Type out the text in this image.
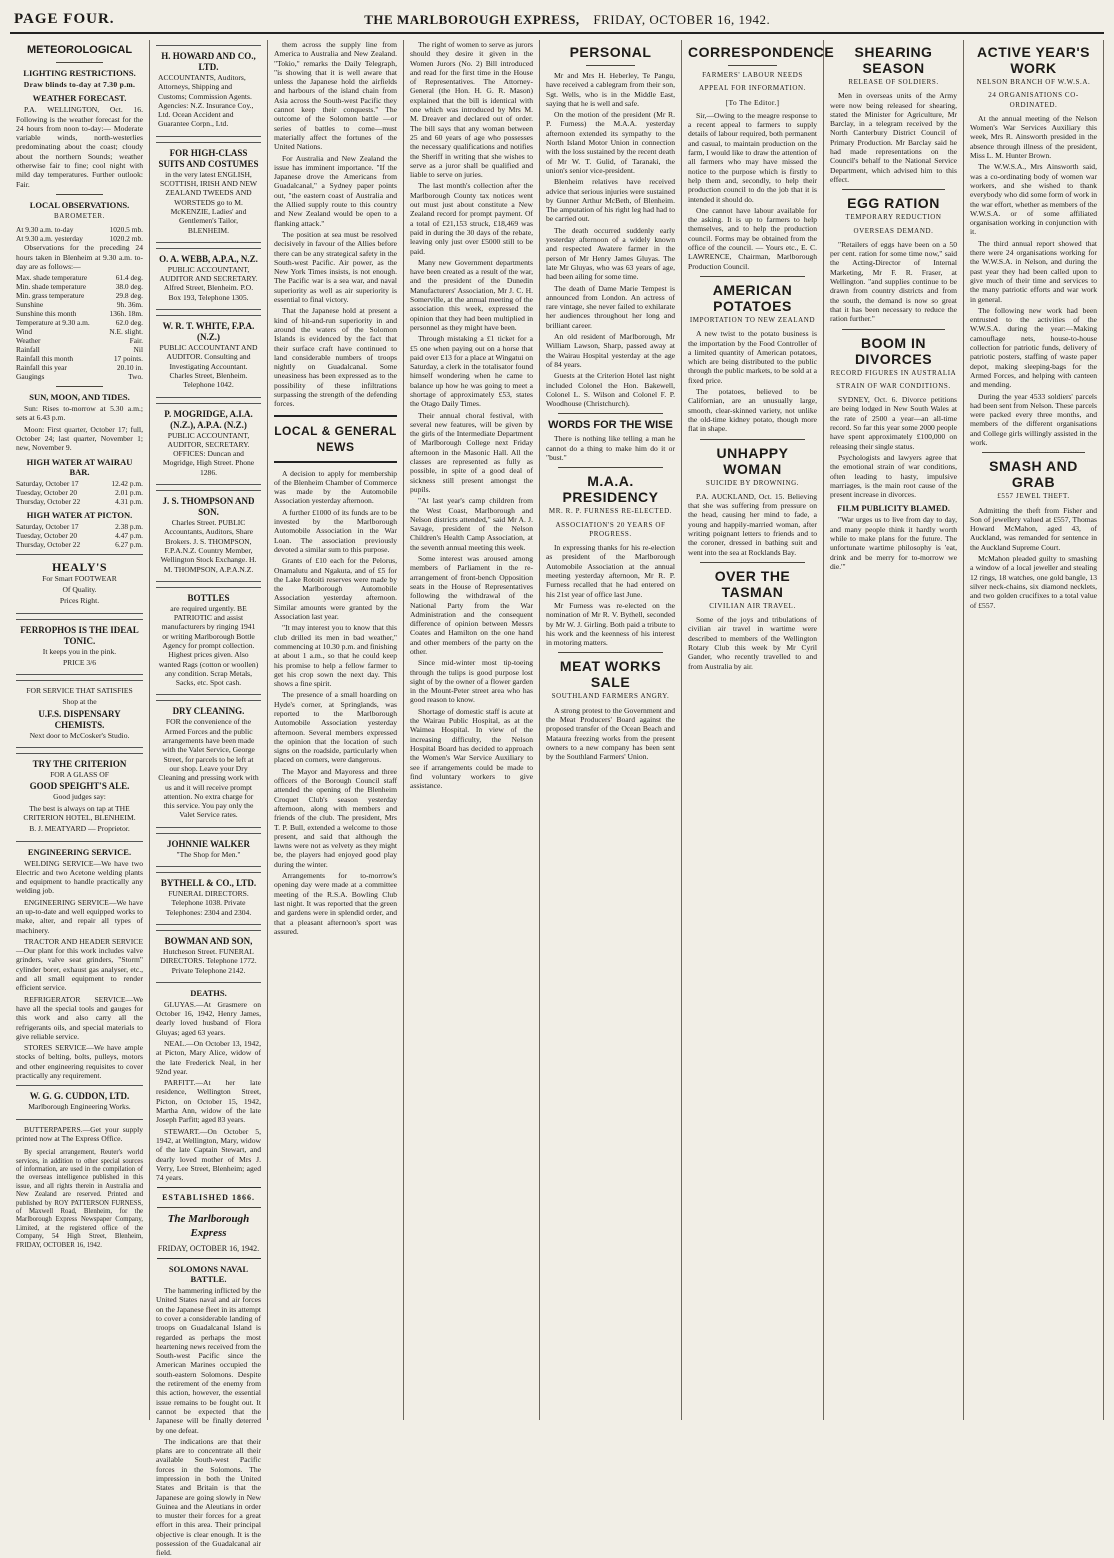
PAGE FOUR.	THE MARLBOROUGH EXPRESS, FRIDAY, OCTOBER 16, 1942.
METEOROLOGICAL
LIGHTING RESTRICTIONS.
Draw blinds to-day at 7.30 p.m.
WEATHER FORECAST.

P.A. WELLINGTON, Oct. 16. Following is the weather forecast for the 24 hours from noon to-day:— Moderate variable winds, north-westerlies predominating about the coast; cloudy about the northern Sounds; weather otherwise fair to fine; cool night with mild day temperatures. Further outlook: Fair.

LOCAL OBSERVATIONS.
BAROMETER.
At 9.30 a.m. to-day	1020.5 mb.
At 9.30 a.m. yesterday	1020.2 mb.

Observations for the preceding 24 hours taken in Blenheim at 9.30 a.m. to-day are as follows:—

Max. shade temperature	61.4 deg.
Min. shade temperature	38.0 deg.
Min. grass temperature	29.8 deg.
Sunshine	9h. 36m.
Sunshine this month	136h. 18m.
Temperature at 9.30 a.m.	62.0 deg.
Wind	N.E. slight.
Weather	Fair.
Rainfall	Nil
Rainfall this month	17 points.
Rainfall this year	20.10 in.
Gaugings	Two.
SUN, MOON, AND TIDES.

Sun: Rises to-morrow at 5.30 a.m.; sets at 6.43 p.m.

Moon: First quarter, October 17; full, October 24; last quarter, November 1; new, November 9.

HIGH WATER AT WAIRAU BAR.
Saturday, October 17	12.42 p.m.
Tuesday, October 20	2.01 p.m.
Thursday, October 22	4.31 p.m.
HIGH WATER AT PICTON.
Saturday, October 17	2.38 p.m.
Tuesday, October 20	4.47 p.m.
Thursday, October 22	6.27 p.m.
HEALY'S

For Smart FOOTWEAR

Of Quality.

Prices Right.

FERROPHOS IS THE IDEAL TONIC.

It keeps you in the pink.

PRICE 3/6

FOR SERVICE THAT SATISFIES

Shop at the

U.F.S. DISPENSARY CHEMISTS.

Next door to McCosker's Studio.

TRY THE CRITERION

FOR A GLASS OF

GOOD SPEIGHT'S ALE.

Good judges say:

The best is always on tap at THE CRITERION HOTEL, BLENHEIM.

B. J. MEATYARD — Proprietor.

ENGINEERING SERVICE.

WELDING SERVICE—We have two Electric and two Acetone welding plants and equipment to handle practically any welding job.

ENGINEERING SERVICE—We have an up-to-date and well equipped works to make, alter, and repair all types of machinery.

TRACTOR AND HEADER SERVICE—Our plant for this work includes valve grinders, valve seat grinders, "Storm" cylinder borer, exhaust gas analyser, etc., and all small equipment to render efficient service.

REFRIGERATOR SERVICE—We have all the special tools and gauges for this work and also carry all the refrigerants oils, and special materials to give reliable service.

STORES SERVICE—We have ample stocks of belting, bolts, pulleys, motors and other engineering requisites to cover practically any requirement.

W. G. G. CUDDON, LTD.

Marlborough Engineering Works.

BUTTERPAPERS.—Get your supply printed now at The Express Office.

By special arrangement, Reuter's world services, in addition to other special sources of information, are used in the compilation of the overseas intelligence published in this issue, and all rights therein in Australia and New Zealand are reserved. Printed and published by ROY PATTERSON FURNESS, of Maxwell Road, Blenheim, for the Marlborough Express Newspaper Company, Limited, at the registered office of the Company, 54 High Street, Blenheim, FRIDAY, OCTOBER 16, 1942.

H. HOWARD AND CO., LTD.

ACCOUNTANTS, Auditors, Attorneys, Shipping and Customs; Commission Agents. Agencies: N.Z. Insurance Coy., Ltd. Ocean Accident and Guarantee Corpn., Ltd.

FOR HIGH-CLASS SUITS AND COSTUMES

in the very latest ENGLISH, SCOTTISH, IRISH AND NEW ZEALAND TWEEDS AND WORSTEDS go to M. McKENZIE, Ladies' and Gentlemen's Tailor, BLENHEIM.

O. A. WEBB, A.P.A., N.Z.

PUBLIC ACCOUNTANT, AUDITOR AND SECRETARY. Alfred Street, Blenheim. P.O. Box 193, Telephone 1305.

W. R. T. WHITE, F.P.A. (N.Z.)

PUBLIC ACCOUNTANT AND AUDITOR. Consulting and Investigating Accountant. Charles Street, Blenheim. Telephone 1042.

P. MOGRIDGE, A.I.A. (N.Z.), A.P.A. (N.Z.)

PUBLIC ACCOUNTANT, AUDITOR, SECRETARY. OFFICES: Duncan and Mogridge, High Street. Phone 1286.

J. S. THOMPSON AND SON.

Charles Street. PUBLIC Accountants, Auditors, Share Brokers. J. S. THOMPSON, F.P.A.N.Z. Country Member, Wellington Stock Exchange. H. M. THOMPSON, A.P.A.N.Z.

BOTTLES

are required urgently. BE PATRIOTIC and assist manufacturers by ringing 1941 or writing Marlborough Bottle Agency for prompt collection. Highest prices given. Also wanted Rags (cotton or woollen) any condition. Scrap Metals, Sacks, etc. Spot cash.

DRY CLEANING.

FOR the convenience of the Armed Forces and the public arrangements have been made with the Valet Service, George Street, for parcels to be left at our shop. Leave your Dry Cleaning and pressing work with us and it will receive prompt attention. No extra charge for this service. You pay only the Valet Service rates.

JOHNNIE WALKER

"The Shop for Men."

BYTHELL & CO., LTD.

FUNERAL DIRECTORS. Telephone 1038. Private Telephones: 2304 and 2304.

BOWMAN AND SON,

Hutcheson Street. FUNERAL DIRECTORS. Telephone 1772. Private Telephone 2142.

DEATHS.

GLUYAS.—At Grasmere on October 16, 1942, Henry James, dearly loved husband of Flora Gluyas; aged 63 years.

NEAL.—On October 13, 1942, at Picton, Mary Alice, widow of the late Frederick Neal, in her 92nd year.

PARFITT.—At her late residence, Wellington Street, Picton, on October 15, 1942, Martha Ann, widow of the late Joseph Parfitt; aged 83 years.

STEWART.—On October 5, 1942, at Wellington, Mary, widow of the late Captain Stewart, and dearly loved mother of Mrs J. Verry, Lee Street, Blenheim; aged 74 years.

ESTABLISHED 1866.
The Marlborough Express
FRIDAY, OCTOBER 16, 1942.
SOLOMONS NAVAL BATTLE.

The hammering inflicted by the United States naval and air forces on the Japanese fleet in its attempt to cover a considerable landing of troops on Guadalcanal Island is regarded as perhaps the most heartening news received from the South-west Pacific since the American Marines occupied the south-eastern Solomons. Despite the retirement of the enemy from this action, however, the essential issue remains to be fought out. It cannot be expected that the Japanese will be finally deterred by one defeat.

The indications are that their plans are to concentrate all their available South-west Pacific forces in the Solomons. The impression in both the United States and Britain is that the Japanese are going slowly in New Guinea and the Aleutians in order to muster their forces for a great effort in this area. Their principal objective is clear enough. It is the possession of the Guadalcanal air field.

them across the supply line from America to Australia and New Zealand. "Tokio," remarks the Daily Telegraph, "is showing that it is well aware that unless the Japanese hold the airfields and harbours of the island chain from Asia across the South-west Pacific they cannot keep their conquests." The outcome of the Solomon battle —or series of battles to come—must materially affect the fortunes of the United Nations.

For Australia and New Zealand the issue has imminent importance. "If the Japanese drove the Americans from Guadalcanal," a Sydney paper points out, "the eastern coast of Australia and the Allied supply route to this country and New Zealand would be open to a flanking attack."

The position at sea must be resolved decisively in favour of the Allies before there can be any strategical safety in the South-west Pacific. Air power, as the New York Times insists, is not enough. The Pacific war is a sea war, and naval superiority as well as air superiority is essential to final victory.

That the Japanese hold at present a kind of hit-and-run superiority in and around the waters of the Solomon Islands is evidenced by the fact that their surface craft have continued to land considerable numbers of troops nightly on Guadalcanal. Some uneasiness has been expressed as to the possibility of these infiltrations surpassing the strength of the defending forces.

LOCAL & GENERAL NEWS

A decision to apply for membership of the Blenheim Chamber of Commerce was made by the Automobile Association yesterday afternoon.

A further £1000 of its funds are to be invested by the Marlborough Automobile Association in the War Loan. The association previously devoted a similar sum to this purpose.

Grants of £10 each for the Pelorus, Onamalutu and Ngakuta, and of £5 for the Lake Rotoiti reserves were made by the Marlborough Automobile Association yesterday afternoon. Similar amounts were granted by the Association last year.

"It may interest you to know that this club drilled its men in bad weather," commencing at 10.30 p.m. and finishing at about 1 a.m., so that he could keep his promise to help a fellow farmer to get his crop sown the next day. This shows a fine spirit.

The presence of a small hoarding on Hyde's corner, at Springlands, was reported to the Marlborough Automobile Association yesterday afternoon. Several members expressed the opinion that the location of such signs on the roadside, particularly when placed on corners, were dangerous.

The Mayor and Mayoress and three officers of the Borough Council staff attended the opening of the Blenheim Croquet Club's season yesterday afternoon, along with members and friends of the club. The president, Mrs T. P. Bull, extended a welcome to those present, and said that although the lawns were not as velvety as they might be, the players had enjoyed good play during the winter.

Arrangements for to-morrow's opening day were made at a committee meeting of the R.S.A. Bowling Club last night. It was reported that the green and gardens were in splendid order, and that a pleasant afternoon's sport was assured.

The right of women to serve as jurors should they desire it given in the Women Jurors (No. 2) Bill introduced and read for the first time in the House of Representatives. The Attorney-General (the Hon. H. G. R. Mason) explained that the bill is identical with one which was introduced by Mrs M. M. Dreaver and declared out of order. The bill says that any woman between 25 and 60 years of age who possesses the necessary qualifications and notifies the Sheriff in writing that she wishes to serve as a juror shall be qualified and liable to serve on juries.

The last month's collection after the Marlborough County tax notices went out must just about constitute a New Zealand record for prompt payment. Of a total of £21,153 struck, £18,469 was paid in during the 30 days of the rebate, leaving only just over £5000 still to be paid.

Many new Government departments have been created as a result of the war, and the president of the Dunedin Manufacturers' Association, Mr J. C. H. Somerville, at the annual meeting of the association this week, expressed the opinion that they had been multiplied in personnel as they might have been.

Through mistaking a £1 ticket for a £5 one when paying out on a horse that paid over £13 for a place at Wingatui on Saturday, a clerk in the totalisator found himself wondering when he came to balance up how he was going to meet a shortage of approximately £53, states the Otago Daily Times.

Their annual choral festival, with several new features, will be given by the girls of the Intermediate Department of Marlborough College next Friday afternoon in the Masonic Hall. All the classes are represented as fully as possible, in spite of a good deal of sickness still present amongst the pupils.

"At last year's camp children from the West Coast, Marlborough and Nelson districts attended," said Mr A. J. Savage, president of the Nelson Children's Health Camp Association, at the seventh annual meeting this week.

Some interest was aroused among members of Parliament in the re-arrangement of front-bench Opposition seats in the House of Representatives following the withdrawal of the National Party from the War Administration and the consequent difference of opinion between Messrs Coates and Hamilton on the one hand and other members of the party on the other.

Since mid-winter most tip-toeing through the tulips is good purpose lost sight of by the owner of a flower garden in the Mount-Peter street area who has good reason to know.

Shortage of domestic staff is acute at the Wairau Public Hospital, as at the Waimea Hospital. In view of the increasing difficulty, the Nelson Hospital Board has decided to approach the Women's War Service Auxiliary to see if arrangements could be made to find voluntary workers to give assistance.

PERSONAL

Mr and Mrs H. Heberley, Te Pangu, have received a cablegram from their son, Sgt. Wells, who is in the Middle East, saying that he is well and safe.

On the motion of the president (Mr R. P. Furness) the M.A.A. yesterday afternoon extended its sympathy to the North Island Motor Union in connection with the loss sustained by the recent death of Mr W. T. Gulid, of Taranaki, the union's senior vice-president.

Blenheim relatives have received advice that serious injuries were sustained by Gunner Arthur McBeth, of Blenheim. The amputation of his right leg had had to be carried out.

The death occurred suddenly early yesterday afternoon of a widely known and respected Awatere farmer in the person of Mr Henry James Gluyas. The late Mr Gluyas, who was 63 years of age, had been ailing for some time.

The death of Dame Marie Tempest is announced from London. An actress of rare vintage, she never failed to exhilarate her audiences throughout her long and brilliant career.

An old resident of Marlborough, Mr William Lawson, Sharp, passed away at the Wairau Hospital yesterday at the age of 84 years.

Guests at the Criterion Hotel last night included Colonel the Hon. Bakewell, Colonel L. S. Wilson and Colonel F. P. Woodhouse (Christchurch).

WORDS FOR THE WISE

There is nothing like telling a man he cannot do a thing to make him do it or "bust."

M.A.A. PRESIDENCY
MR. R. P. FURNESS RE-ELECTED.
ASSOCIATION'S 20 YEARS OF PROGRESS.

In expressing thanks for his re-election as president of the Marlborough Automobile Association at the annual meeting yesterday afternoon, Mr R. P. Furness recalled that he had entered on his 21st year of office last June.

Mr Furness was re-elected on the nomination of Mr R. V. Bythell, seconded by Mr W. J. Girling. Both paid a tribute to his work and the keenness of his interest in motoring matters.

MEAT WORKS SALE
SOUTHLAND FARMERS ANGRY.

A strong protest to the Government and the Meat Producers' Board against the proposed transfer of the Ocean Beach and Mataura freezing works from the present owners to a new company has been sent by the Southland Farmers' Union.

CORRESPONDENCE
FARMERS' LABOUR NEEDS
APPEAL FOR INFORMATION.
[To The Editor.]

Sir,—Owing to the meagre response to a recent appeal to farmers to supply details of labour required, both permanent and casual, to maintain production on the farm, I would like to draw the attention of all farmers who may have missed the notice to the purpose which is firstly to help them and, secondly, to help their production council to do the job that it is intended it should do.

One cannot have labour available for the asking. It is up to farmers to help themselves, and to help the production council. Forms may be obtained from the office of the council. — Yours etc., E. C. LAWRENCE, Chairman, Marlborough Production Council.

AMERICAN POTATOES
IMPORTATION TO NEW ZEALAND

A new twist to the potato business is the importation by the Food Controller of a limited quantity of American potatoes, which are being distributed to the public through the public markets, to be sold at a fixed price.

The potatoes, believed to be Californian, are an unusually large, smooth, clear-skinned variety, not unlike the old-time kidney potato, though more flat in shape.

UNHAPPY WOMAN
SUICIDE BY DROWNING.

P.A. AUCKLAND, Oct. 15. Believing that she was suffering from pressure on the head, causing her mind to fade, a young and happily-married woman, after writing poignant letters to friends and to the coroner, dressed in bathing suit and went into the sea at Rocklands Bay.

OVER THE TASMAN
CIVILIAN AIR TRAVEL.

Some of the joys and tribulations of civilian air travel in wartime were described to members of the Wellington Rotary Club this week by Mr Cyril Gander, who recently travelled to and from Australia by air.

SHEARING SEASON
RELEASE OF SOLDIERS.

Men in overseas units of the Army were now being released for shearing, stated the Minister for Agriculture, Mr Barclay, in a telegram received by the North Canterbury District Council of Primary Production. Mr Barclay said he had made representations on the Council's behalf to the National Service Department, which advised him to this effect.

EGG RATION
TEMPORARY REDUCTION
OVERSEAS DEMAND.

"Retailers of eggs have been on a 50 per cent. ration for some time now," said the Acting-Director of Internal Marketing, Mr F. R. Fraser, at Wellington. "and supplies continue to be drawn from country districts and from the south, the demand is now so great that it has been necessary to reduce the ration further."

BOOM IN DIVORCES
RECORD FIGURES IN AUSTRALIA
STRAIN OF WAR CONDITIONS.

SYDNEY, Oct. 6. Divorce petitions are being lodged in New South Wales at the rate of 2500 a year—an all-time record. So far this year some 2000 people have spent approximately £100,000 on releasing their single status.

Psychologists and lawyers agree that the emotional strain of war conditions, often leading to hasty, impulsive marriages, is the main root cause of the present increase in divorces.

FILM PUBLICITY BLAMED.

"War urges us to live from day to day, and many people think it hardly worth while to make plans for the future. The unfortunate wartime philosophy is 'eat, drink and be merry for to-morrow we die.'"

ACTIVE YEAR'S WORK
NELSON BRANCH OF W.W.S.A.
24 ORGANISATIONS CO-ORDINATED.

At the annual meeting of the Nelson Women's War Services Auxiliary this week, Mrs R. Ainsworth presided in the absence through illness of the president, Miss L. M. Hunter Brown.

The W.W.S.A., Mrs Ainsworth said, was a co-ordinating body of women war workers, and she wished to thank everybody who did some form of work in the war effort, whether as members of the W.W.S.A. or of some affiliated organisation working in conjunction with it.

The third annual report showed that there were 24 organisations working for the W.W.S.A. in Nelson, and during the past year they had been called upon to give much of their time and services to the many patriotic efforts and war work in general.

The following new work had been entrusted to the activities of the W.W.S.A. during the year:—Making camouflage nets, house-to-house collection for patriotic funds, delivery of patriotic posters, staffing of waste paper depot, making sleeping-bags for the Armed Forces, and helping with canteen and mending.

During the year 4533 soldiers' parcels had been sent from Nelson. These parcels were packed every three months, and members of the different organisations and College girls willingly assisted in the work.

SMASH AND GRAB
£557 JEWEL THEFT.

Admitting the theft from Fisher and Son of jewellery valued at £557, Thomas Howard McMahon, aged 43, of Auckland, was remanded for sentence in the Auckland Supreme Court.

McMahon pleaded guilty to smashing a window of a local jeweller and stealing 12 rings, 18 watches, one gold bangle, 13 silver neck-chains, six diamond necklets, and two golden crucifixes to a total value of £557.
